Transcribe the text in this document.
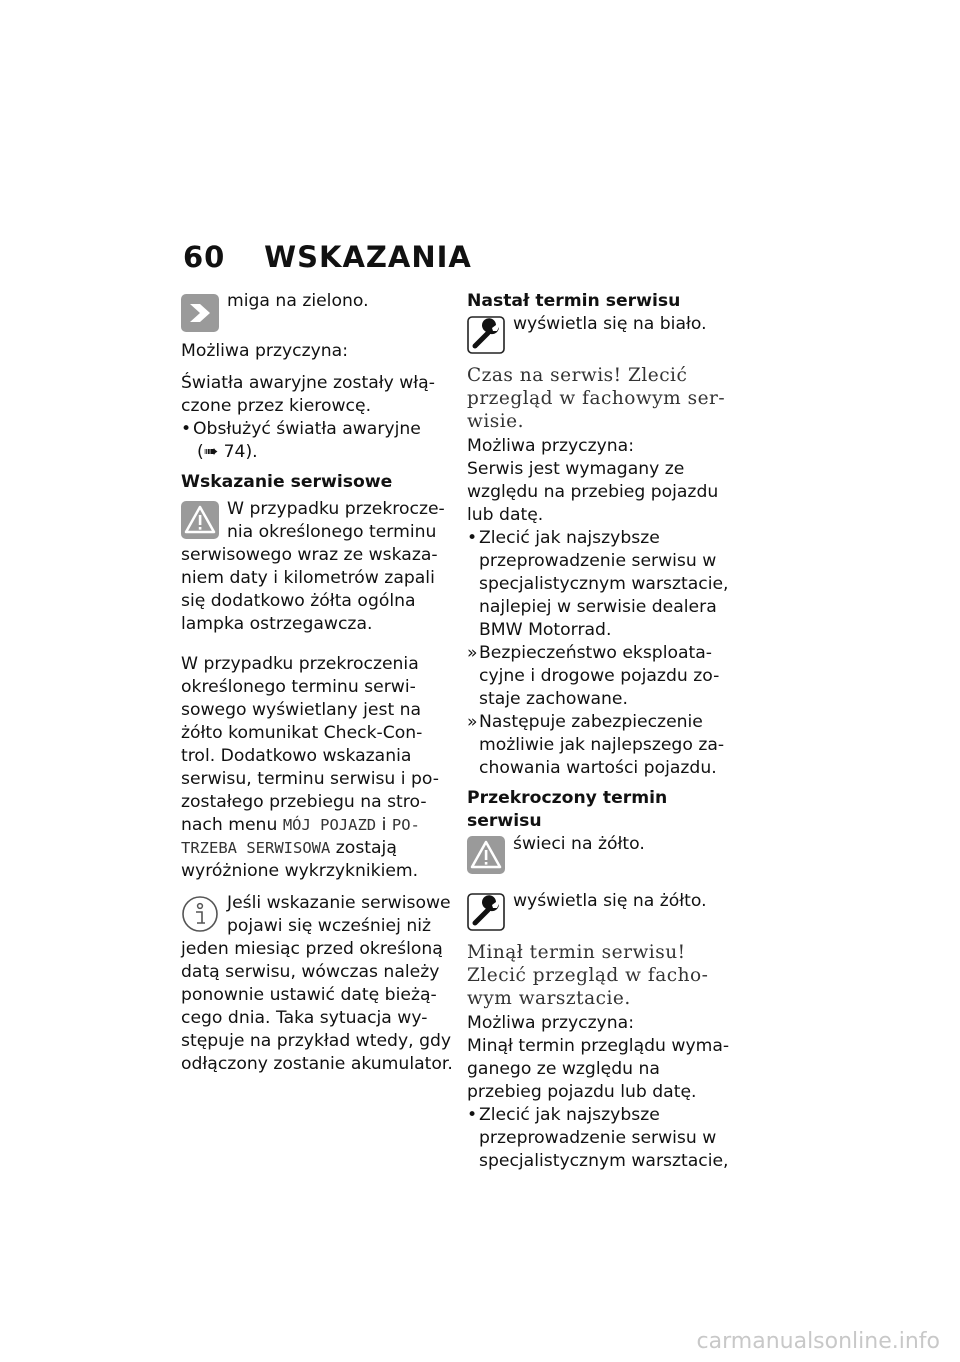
60 WSKAZANIA

miga na zielono.

Możliwa przyczyna:

Światła awaryjne zostały włą-czone przez kierowcę.

• Obsłużyć światła awaryjne
(➠ 74).

Wskazanie serwisowe

W przypadku przekrocze-nia określonego terminu serwisowego wraz ze wskaza-niem daty i kilometrów zapali się dodatkowo żółta ogólna lampka ostrzegawcza.

W przypadku przekroczenia określonego terminu serwi-sowego wyświetlany jest na żółto komunikat Check-Con-trol. Dodatkowo wskazania serwisu, terminu serwisu i po-zostałego przebiegu na stro-nach menu MÓJ POJAZD i PO-TRZEBA SERWISOWA zostają wyróżnione wykrzyknikiem.

Jeśli wskazanie serwisowe pojawi się wcześniej niż jeden miesiąc przed określoną datą serwisu, wówczas należy ponownie ustawić datę bieżą-cego dnia. Taka sytuacja wy-stępuje na przykład wtedy, gdy odłączony zostanie akumulator.

Nastał termin serwisu

wyświetla się na biało.

Czas na serwis! Zlecić przegląd w fachowym ser-wisie.

Możliwa przyczyna:

Serwis jest wymagany ze względu na przebieg pojazdu lub datę.

• Zlecić jak najszybsze przeprowadzenie serwisu w specjalistycznym warsztacie, najlepiej w serwisie dealera BMW Motorrad.
» Bezpieczeństwo eksploata-cyjne i drogowe pojazdu zo-staje zachowane.
» Następuje zabezpieczenie możliwie jak najlepszego za-chowania wartości pojazdu.

Przekroczony termin serwisu

świeci na żółto.

wyświetla się na żółto.

Minął termin serwisu! Zlecić przegląd w facho-wym warsztacie.

Możliwa przyczyna:

Minął termin przeglądu wyma-ganego ze względu na przebieg pojazdu lub datę.

• Zlecić jak najszybsze przeprowadzenie serwisu w specjalistycznym warsztacie,
carmanualsonline.info
